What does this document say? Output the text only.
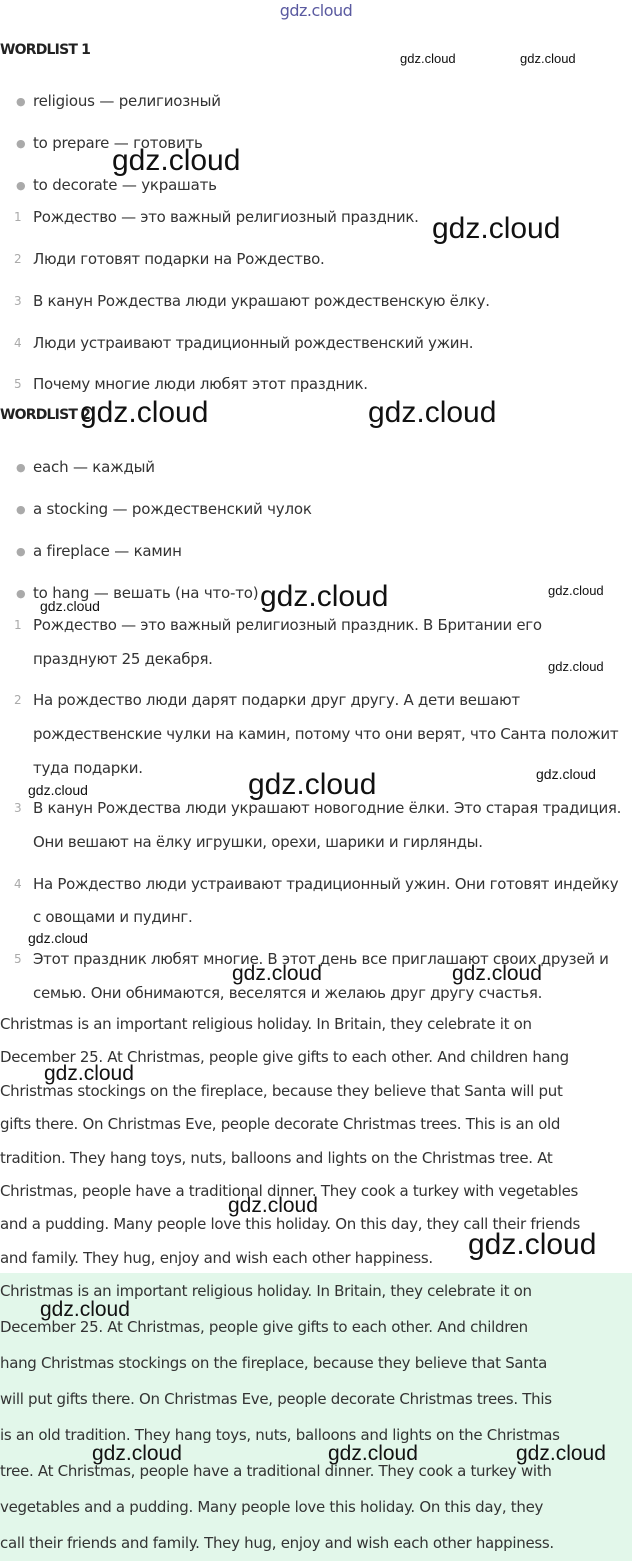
gdz.cloud
WORDLIST 1
● religious — религиозный
● to prepare — готовить
● to decorate — украшать
1 Рождество — это важный религиозный праздник.
2 Люди готовят подарки на Рождество.
3 В канун Рождества люди украшают рождественскую ёлку.
4 Люди устраивают традиционный рождественский ужин.
5 Почему многие люди любят этот праздник.
WORDLIST 2
● each — каждый
● a stocking — рождественский чулок
● a fireplace — камин
● to hang — вешать (на что-то)
1 Рождество — это важный религиозный праздник. В Британии его
празднуют 25 декабря.
2 На рождество люди дарят подарки друг другу. А дети вешают
рождественские чулки на камин, потому что они верят, что Санта положит
туда подарки.
3 В канун Рождества люди украшают новогодние ёлки. Это старая традиция.
Они вешают на ёлку игрушки, орехи, шарики и гирлянды.
4 На Рождество люди устраивают традиционный ужин. Они готовят индейку
с овощами и пудинг.
5 Этот праздник любят многие. В этот день все приглашают своих друзей и
семью. Они обнимаются, веселятся и желаюь друг другу счастья.
Christmas is an important religious holiday. In Britain, they celebrate it on
December 25. At Christmas, people give gifts to each other. And children hang
Christmas stockings on the fireplace, because they believe that Santa will put
gifts there. On Christmas Eve, people decorate Christmas trees. This is an old
tradition. They hang toys, nuts, balloons and lights on the Christmas tree. At
Christmas, people have a traditional dinner. They cook a turkey with vegetables
and a pudding. Many people love this holiday. On this day, they call their friends
and family. They hug, enjoy and wish each other happiness.
Christmas is an important religious holiday. In Britain, they celebrate it on
December 25. At Christmas, people give gifts to each other. And children
hang Christmas stockings on the fireplace, because they believe that Santa
will put gifts there. On Christmas Eve, people decorate Christmas trees. This
is an old tradition. They hang toys, nuts, balloons and lights on the Christmas
tree. At Christmas, people have a traditional dinner. They cook a turkey with
vegetables and a pudding. Many people love this holiday. On this day, they
call their friends and family. They hug, enjoy and wish each other happiness.
gdz.cloud	gdz.cloud
gdz.cloud
gdz.cloud
gdz.cloud	gdz.cloud
gdz.cloud
gdz.cloud
gdz.cloud
gdz.cloud
gdz.cloud
gdz.cloud
gdz.cloud
gdz.cloud
gdz.cloud	gdz.cloud
gdz.cloud
gdz.cloud
gdz.cloud
gdz.cloud
gdz.cloud	gdz.cloud	gdz.cloud
